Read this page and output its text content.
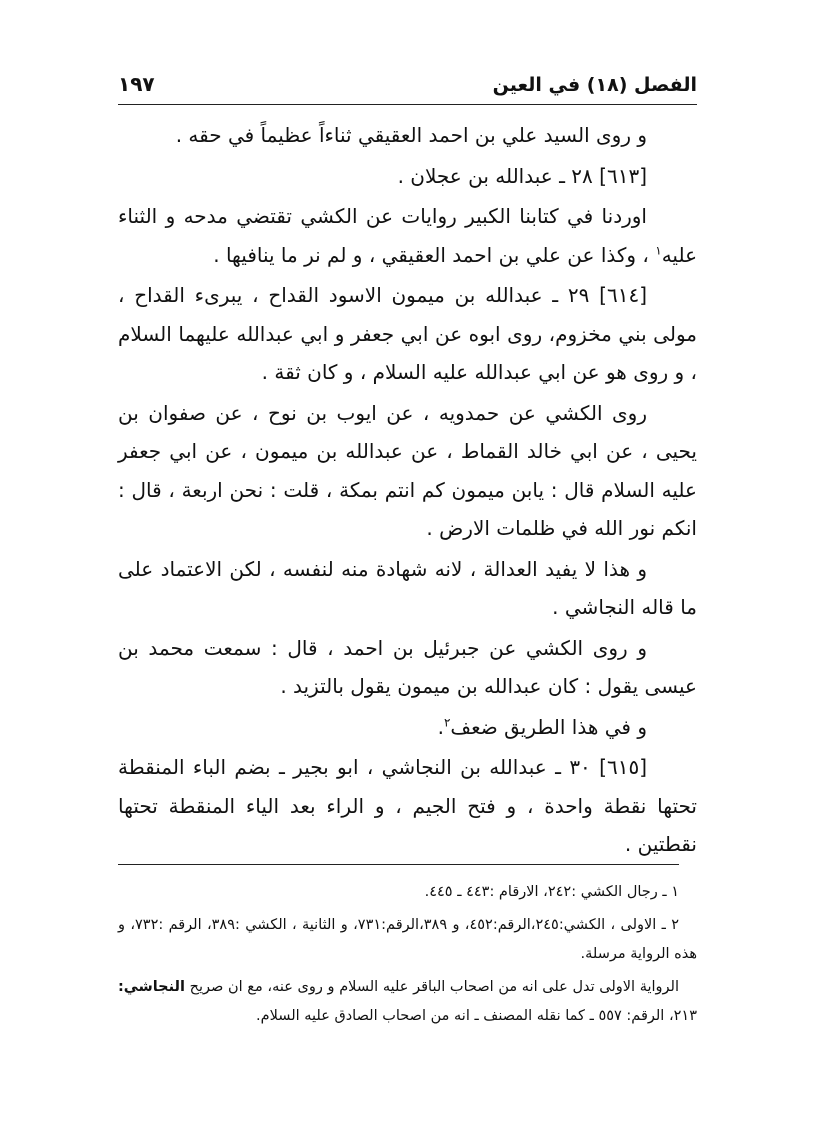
الفصل (١٨) في العين
١٩٧

و روى السيد علي بن احمد العقيقي ثناءاً عظيماً في حقه .

[٦١٣] ٢٨ ـ عبدالله بن عجلان .

اوردنا في كتابنا الكبير روايات عن الكشي تقتضي مدحه و الثناء عليه$^١$ ، وكذا عن علي بن احمد العقيقي ، و لم نر ما ينافيها .

[٦١٤] ٢٩ ـ عبدالله بن ميمون الاسود القداح ، يبرىء القداح ، مولى بني مخزوم، روى ابوه عن ابي جعفر و ابي عبدالله عليهما السلام ، و روى هو عن ابي عبدالله عليه السلام ، و كان ثقة .

روى الكشي عن حمدويه ، عن ايوب بن نوح ، عن صفوان بن يحيى ، عن ابي خالد القماط ، عن عبدالله بن ميمون ، عن ابي جعفر عليه السلام قال : يابن ميمون كم انتم بمكة ، قلت : نحن اربعة ، قال : انكم نور الله في ظلمات الارض .

و هذا لا يفيد العدالة ، لانه شهادة منه لنفسه ، لكن الاعتماد على ما قاله النجاشي .

و روى الكشي عن جبرئيل بن احمد ، قال : سمعت محمد بن عيسى يقول : كان عبدالله بن ميمون يقول بالتزيد .

و في هذا الطريق ضعف$^٢$.

[٦١٥] ٣٠ ـ عبدالله بن النجاشي ، ابو بجير ـ بضم الباء المنقطة تحتها نقطة واحدة ، و فتح الجيم ، و الراء بعد الياء المنقطة تحتها نقطتين .

١ ـ رجال الكشي :٢٤٢، الارقام :٤٤٣ ـ ٤٤٥.

٢ ـ الاولى ، الكشي:٢٤٥،الرقم:٤٥٢، و ٣٨٩،الرقم:٧٣١، و الثانية ، الكشي :٣٨٩، الرقم :٧٣٢، و هذه الرواية مرسلة.

الرواية الاولى تدل على انه من اصحاب الباقر عليه السلام و روى عنه، مع ان صريح النجاشي: ٢١٣، الرقم: ٥٥٧ ـ كما نقله المصنف ـ انه من اصحاب الصادق عليه السلام.
